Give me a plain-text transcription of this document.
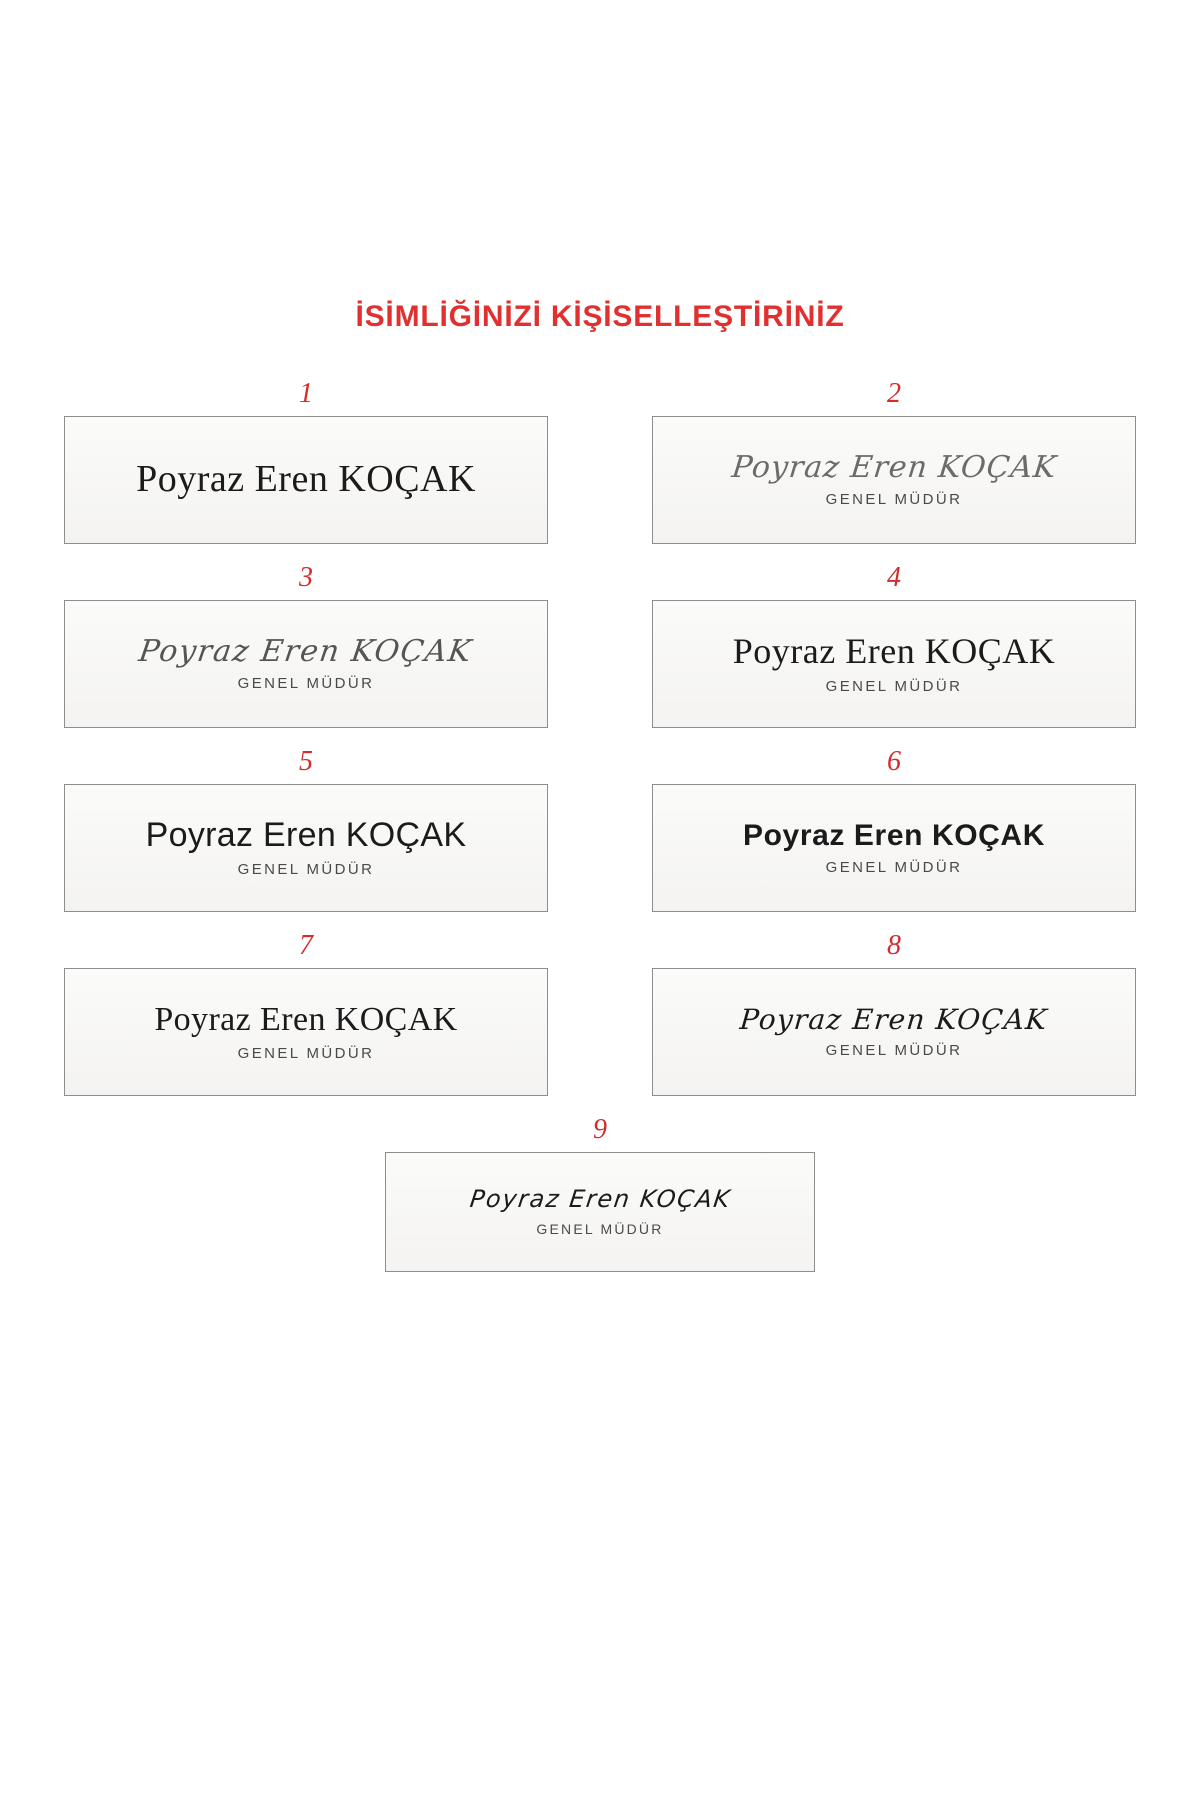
İSİMLİĞİNİZİ KİŞİSELLEŞTİRİNİZ
1
Poyraz Eren KOÇAK
2
Poyraz Eren KOÇAK
GENEL MÜDÜR
3
Poyraz Eren KOÇAK
GENEL MÜDÜR
4
Poyraz Eren KOÇAK
GENEL MÜDÜR
5
Poyraz Eren KOÇAK
GENEL MÜDÜR
6
Poyraz Eren KOÇAK
GENEL MÜDÜR
7
Poyraz Eren KOÇAK
GENEL MÜDÜR
8
Poyraz Eren KOÇAK
GENEL MÜDÜR
9
Poyraz Eren KOÇAK
GENEL MÜDÜR
